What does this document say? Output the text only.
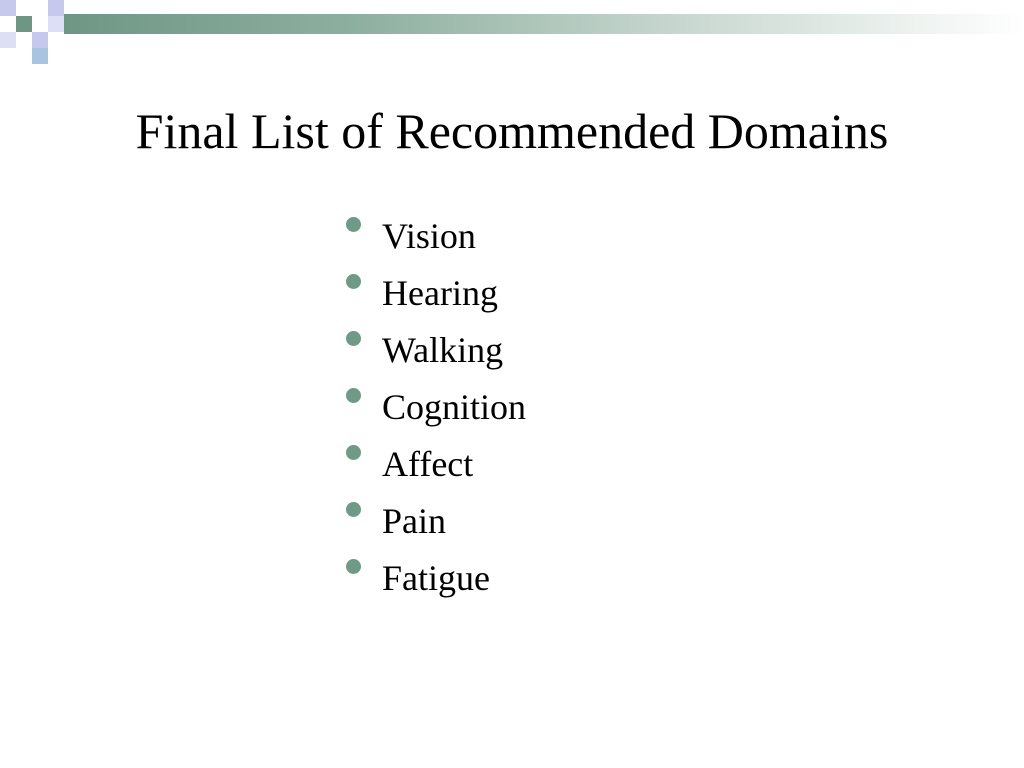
Final List of Recommended Domains
Vision
Hearing
Walking
Cognition
Affect
Pain
Fatigue
